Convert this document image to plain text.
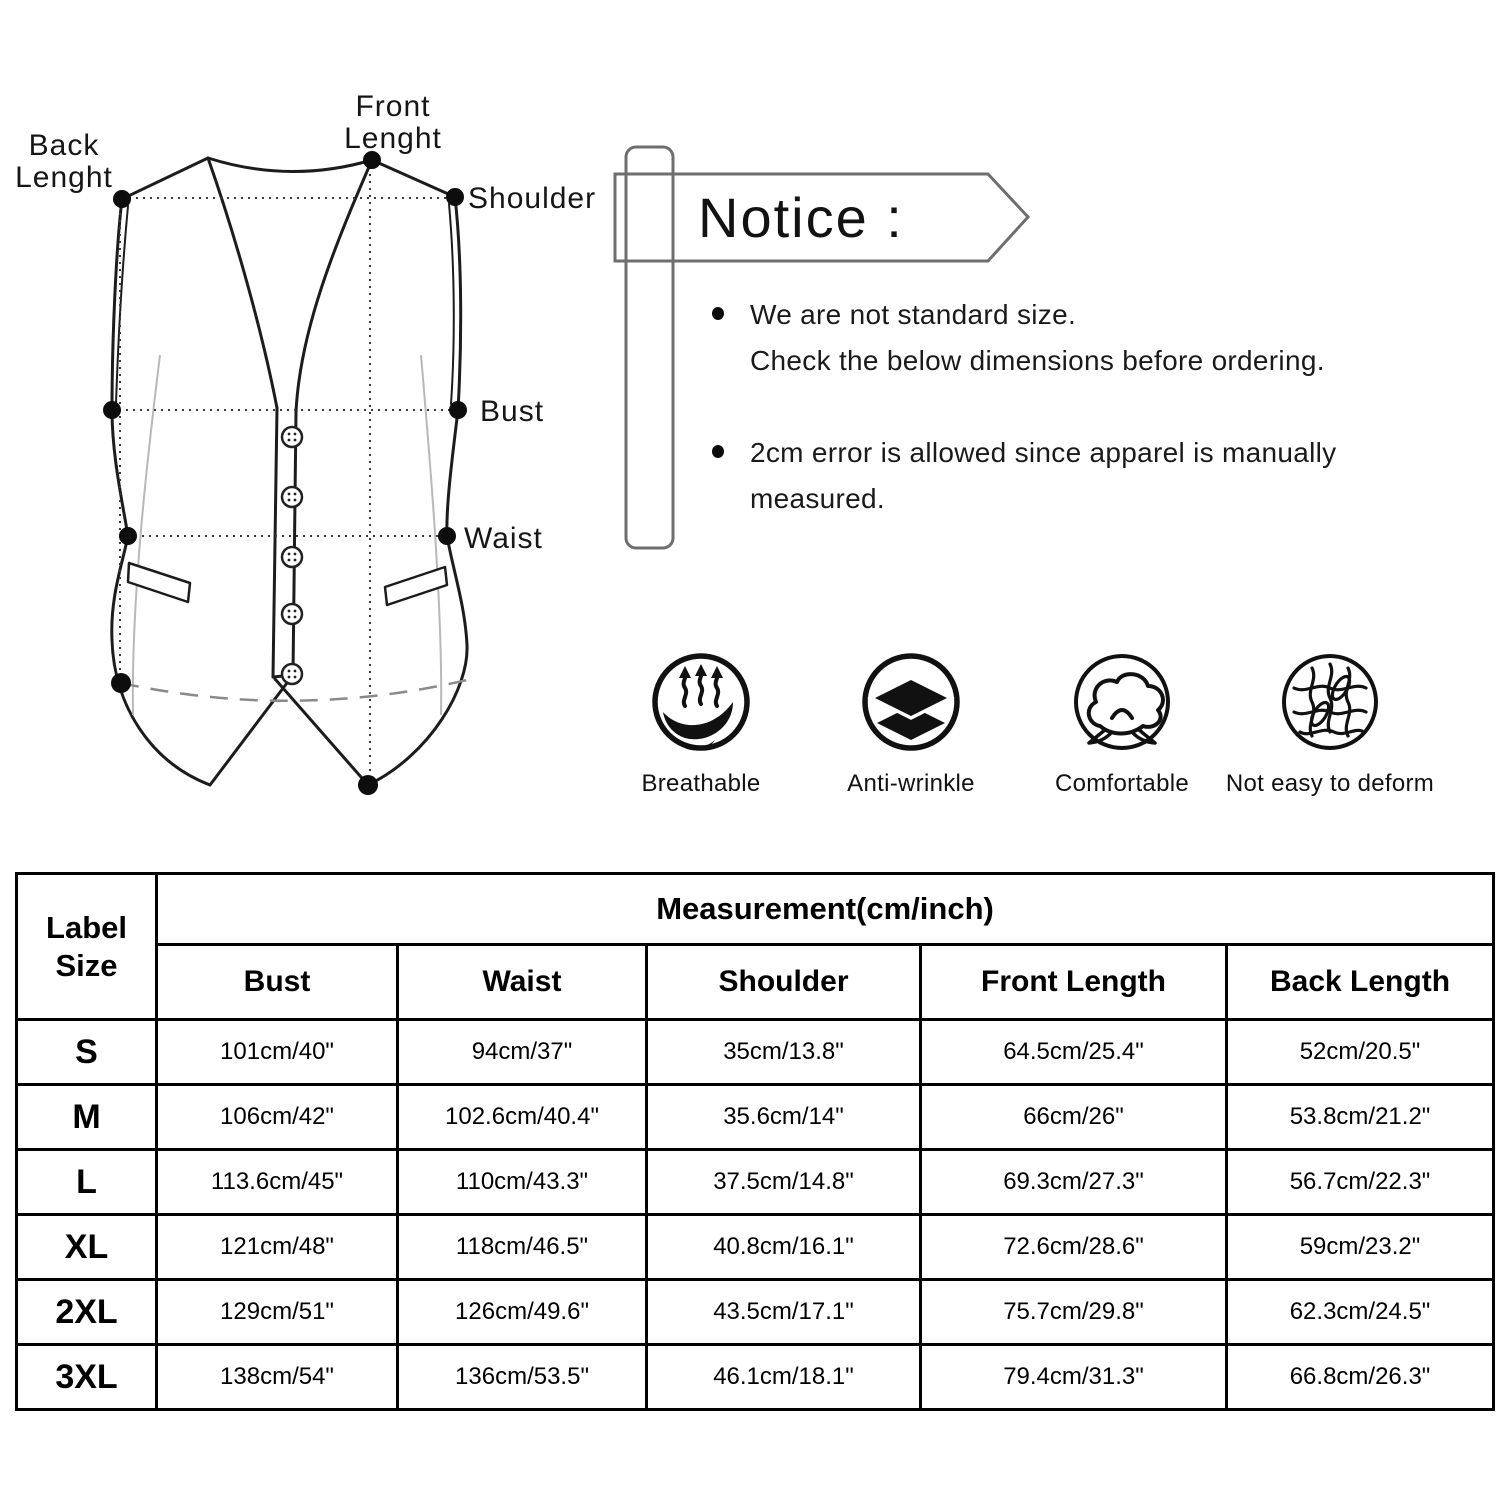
Back
Lenght
Front
Lenght
Shoulder
Bust
Waist
Notice :
We are not standard size.
Check the below dimensions before ordering.
2cm error is allowed since apparel is manually
measured.
Breathable	Anti-wrinkle	Comfortable	Not easy to deform
Label
Size	Measurement(cm/inch)				
	Bust	Waist	Shoulder	Front Length	Back Length
S	101cm/40"	94cm/37"	35cm/13.8"	64.5cm/25.4"	52cm/20.5"
M	106cm/42"	102.6cm/40.4"	35.6cm/14"	66cm/26"	53.8cm/21.2"
L	113.6cm/45"	110cm/43.3"	37.5cm/14.8"	69.3cm/27.3"	56.7cm/22.3"
XL	121cm/48"	118cm/46.5"	40.8cm/16.1"	72.6cm/28.6"	59cm/23.2"
2XL	129cm/51"	126cm/49.6"	43.5cm/17.1"	75.7cm/29.8"	62.3cm/24.5"
3XL	138cm/54"	136cm/53.5"	46.1cm/18.1"	79.4cm/31.3"	66.8cm/26.3"
